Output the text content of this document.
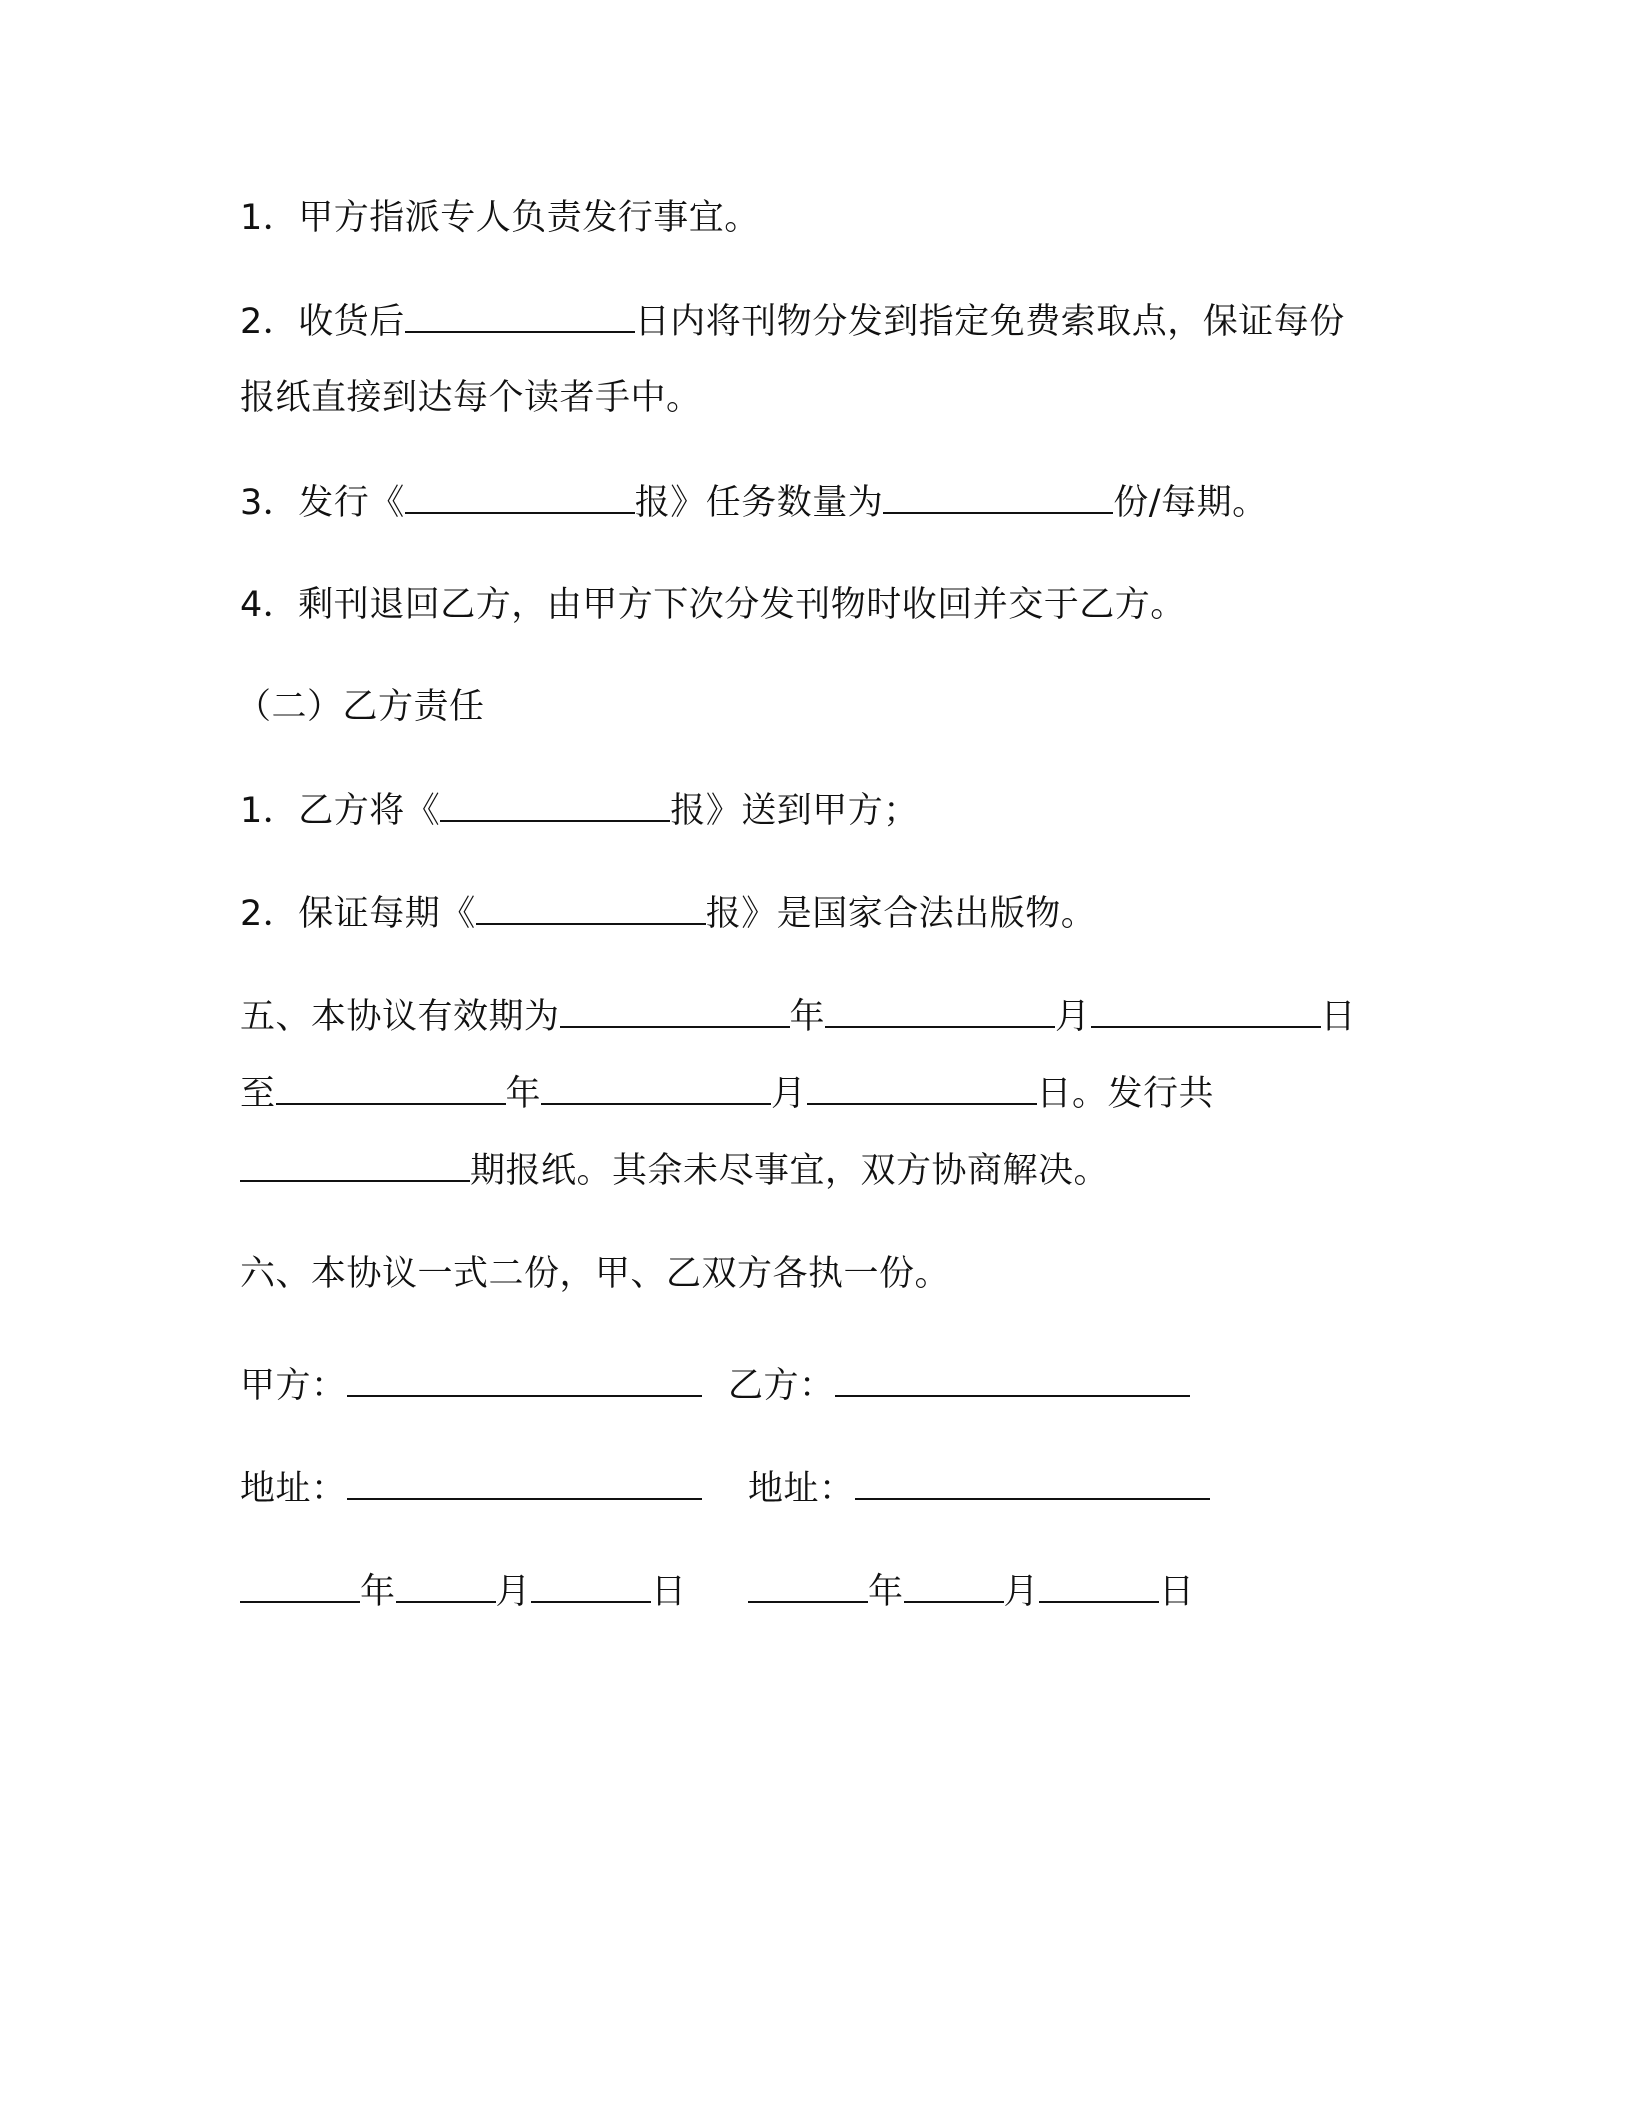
1．甲方指派专人负责发行事宜。
2．收货后	日内将刊物分发到指定免费索取点，保证每份
报纸直接到达每个读者手中。
3．发行《	报》任务数量为	份/每期。
4．剩刊退回乙方，由甲方下次分发刊物时收回并交于乙方。
（二）乙方责任
1．乙方将《	报》送到甲方；
2．保证每期《	报》是国家合法出版物。
五、本协议有效期为	年	月	日
至	年	月	日。发行共
期报纸。其余未尽事宜，双方协商解决。
六、本协议一式二份，甲、乙双方各执一份。
甲方：	乙方：
地址：	地址：
年	月	日	年	月	日
